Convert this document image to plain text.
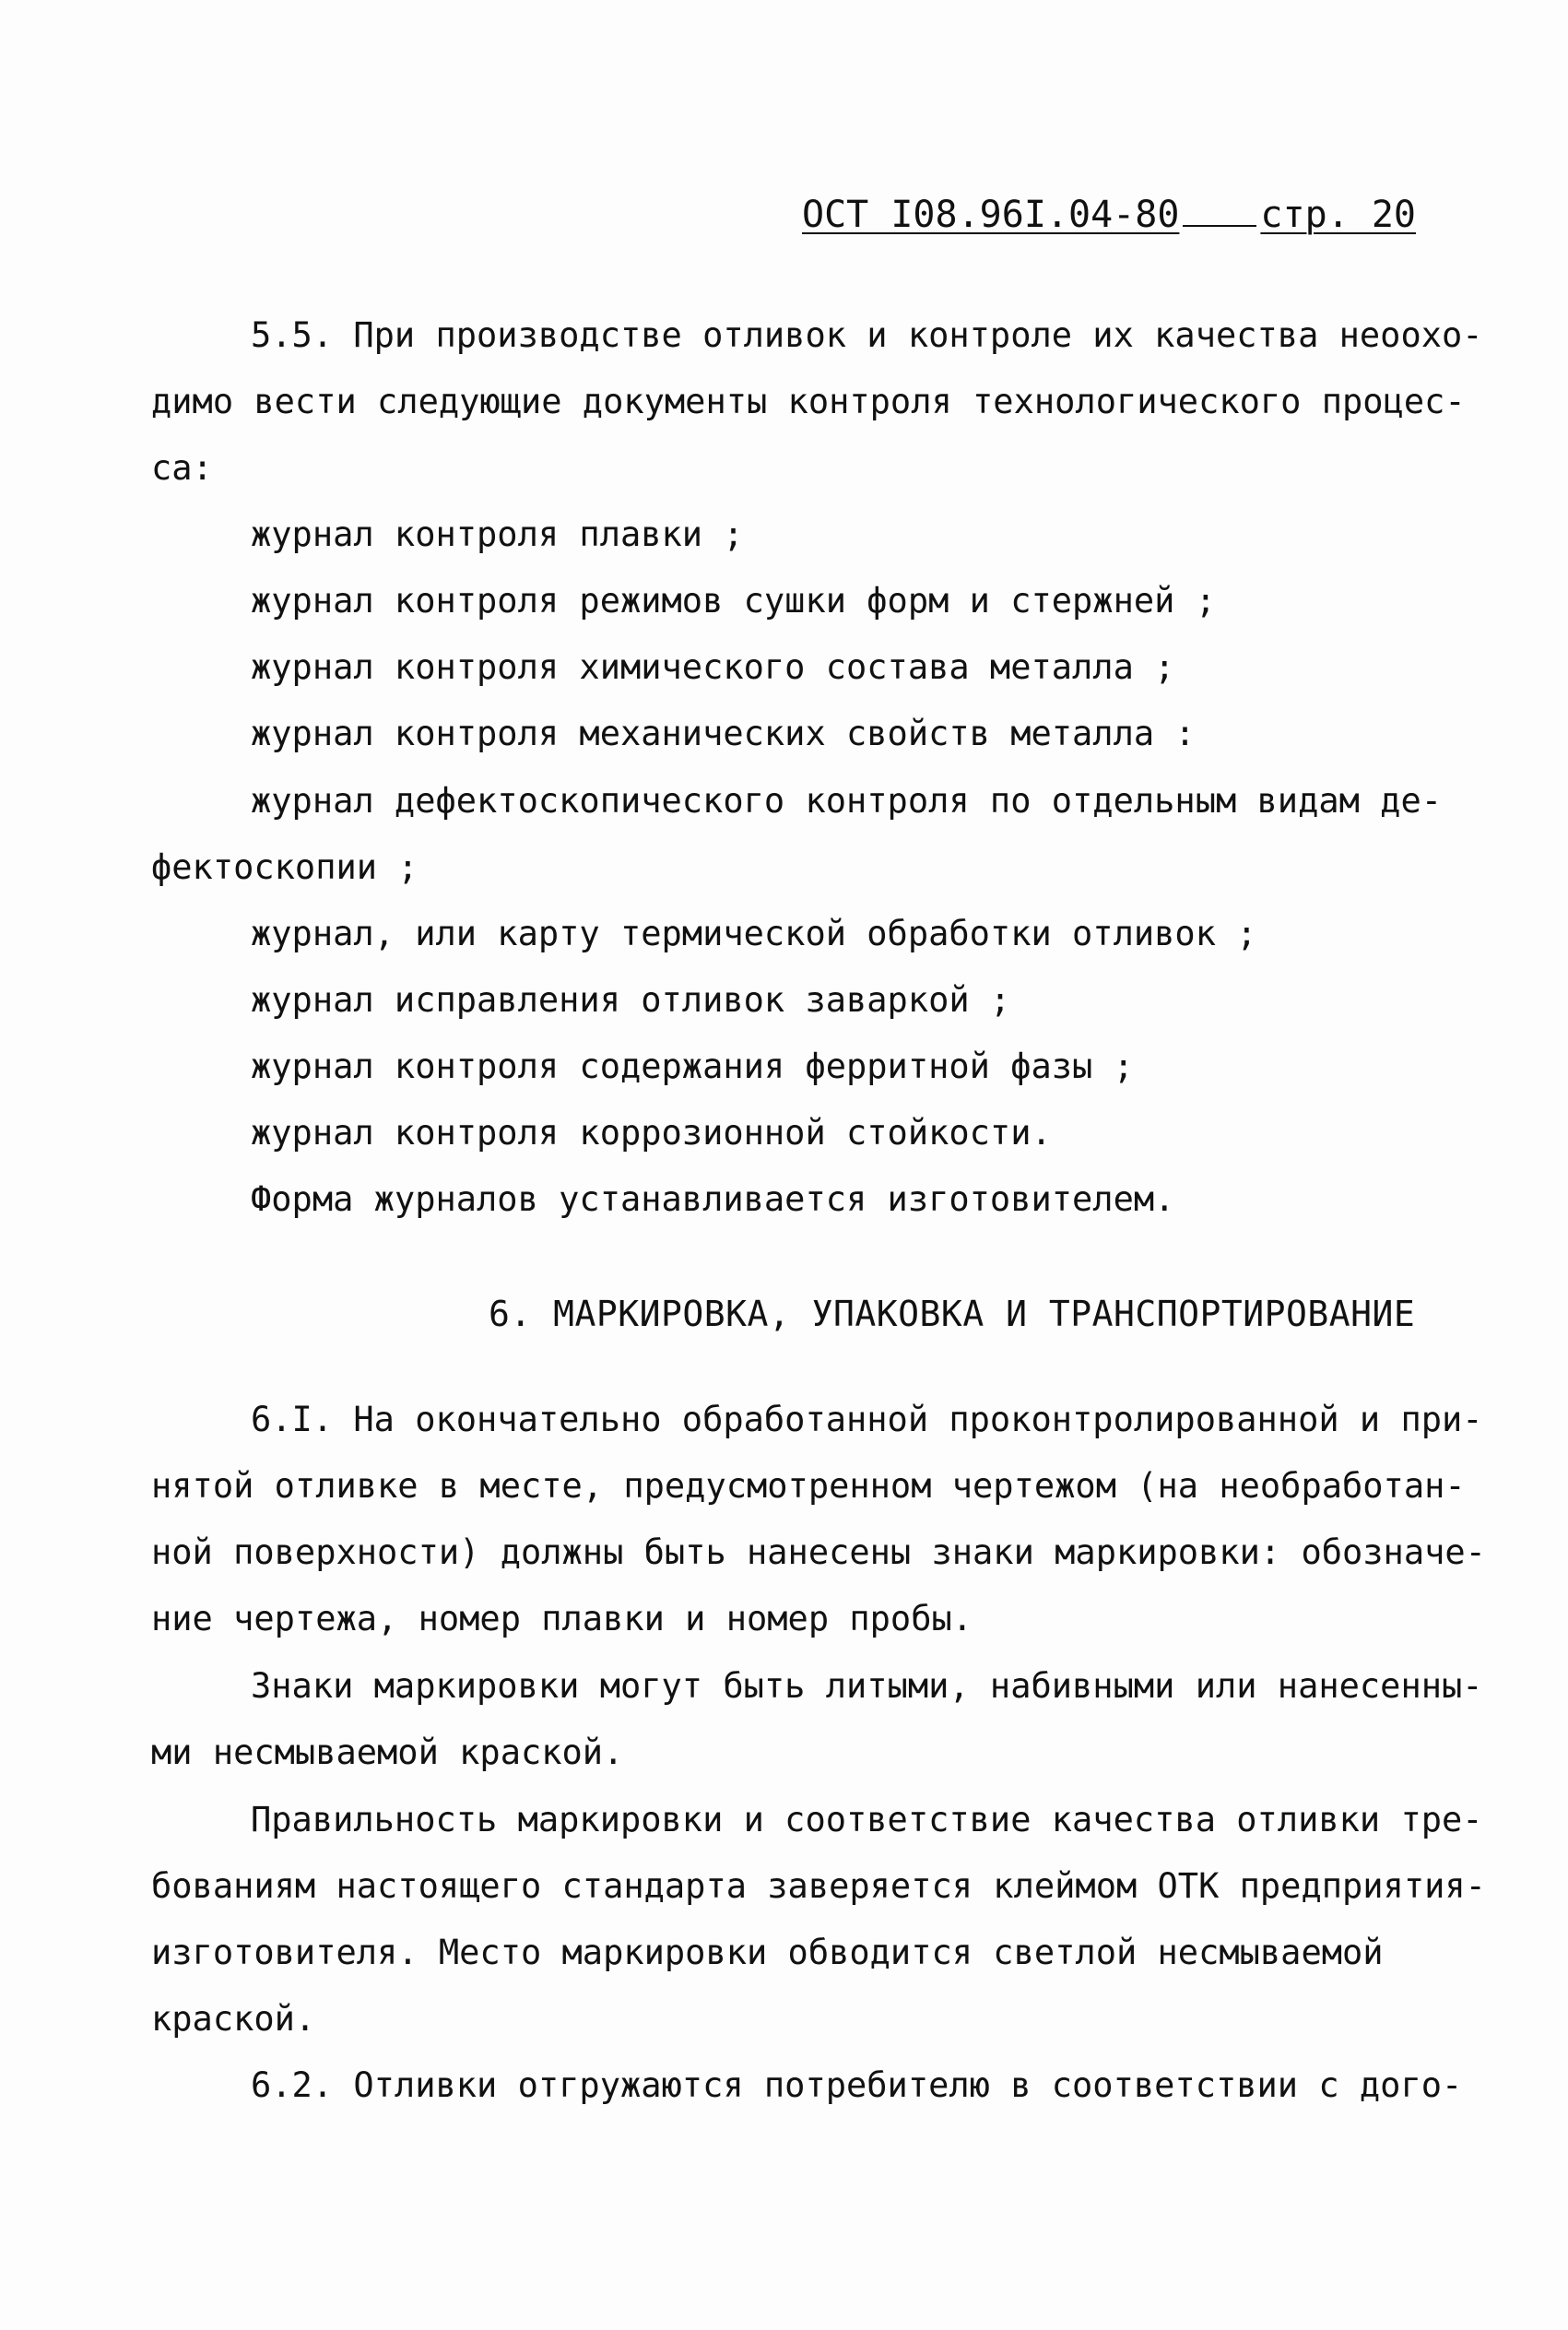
ОСТ I08.96I.04-80 стр. 20
5.5. При производстве отливок и контроле их качества неоохо-
димо вести следующие документы контроля технологического процес-
са:
журнал контроля плавки ;
журнал контроля режимов сушки форм и стержней ;
журнал контроля химического состава металла ;
журнал контроля механических свойств металла :
журнал дефектоскопического контроля по отдельным видам де-
фектоскопии ;
журнал, или карту термической обработки отливок ;
журнал исправления отливок заваркой ;
журнал контроля содержания ферритной фазы ;
журнал контроля коррозионной стойкости.
Форма журналов устанавливается изготовителем.
6. МАРКИРОВКА, УПАКОВКА И ТРАНСПОРТИРОВАНИЕ
6.I. На окончательно обработанной проконтролированной и при-
нятой отливке в месте, предусмотренном чертежом (на необработан-
ной поверхности) должны быть нанесены знаки маркировки: обозначе-
ние чертежа, номер плавки и номер пробы.
Знаки маркировки могут быть литыми, набивными или нанесенны-
ми несмываемой краской.
Правильность маркировки и соответствие качества отливки тре-
бованиям настоящего стандарта заверяется клеймом ОТК предприятия-
изготовителя. Место маркировки обводится светлой несмываемой
краской.
6.2. Отливки отгружаются потребителю в соответствии с дого-
